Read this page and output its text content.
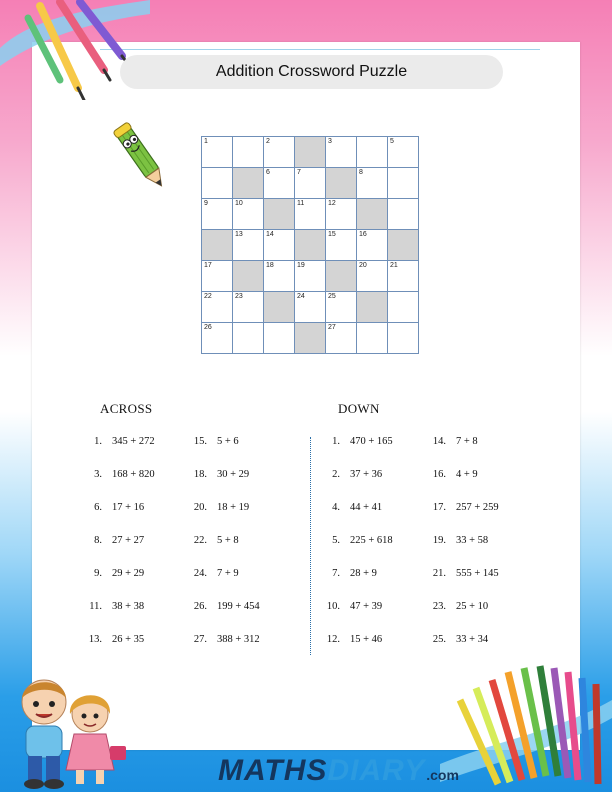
Addition Crossword Puzzle
1	2	3	5
6	7	8
9	10	11	12
13	14	15	16
17	18	19	20	21
22	23	24	25
26	27
ACROSS	DOWN
1. 345 + 272
3. 168 + 820
6. 17 + 16
8. 27 + 27
9. 29 + 29
11. 38 + 38
13. 26 + 35
15. 5 + 6
18. 30 + 29
20. 18 + 19
22. 5 + 8
24. 7 + 9
26. 199 + 454
27. 388 + 312
1. 470 + 165
2. 37 + 36
4. 44 + 41
5. 225 + 618
7. 28 + 9
10. 47 + 39
12. 15 + 46
14. 7 + 8
16. 4 + 9
17. 257 + 259
19. 33 + 58
21. 555 + 145
23. 25 + 10
25. 33 + 34
MATHS DIARY .com
